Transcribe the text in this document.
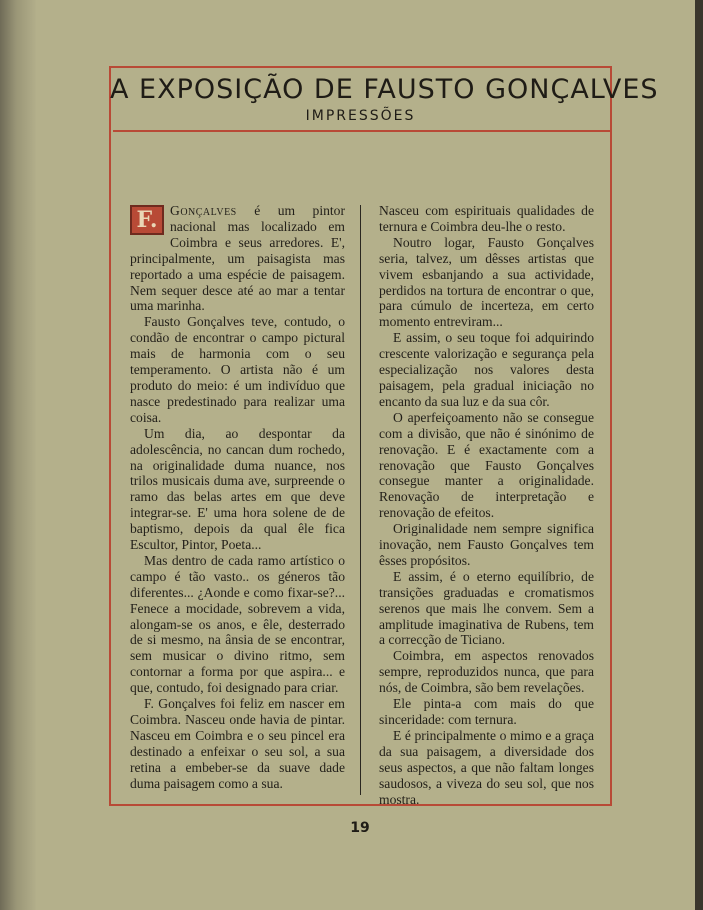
A EXPOSIÇÃO DE FAUSTO GONÇALVES
IMPRESSÕES

F. Gonçalves é um pintor nacional mas localizado em Coimbra e seus arredores. E', principalmente, um paisagista mas reportado a uma espécie de paisagem. Nem sequer desce até ao mar a tentar uma marinha.

Fausto Gonçalves teve, contudo, o condão de encontrar o campo pictural mais de harmonia com o seu temperamento. O artista não é um produto do meio: é um indivíduo que nasce predestinado para realizar uma coisa.

Um dia, ao despontar da adolescência, no cancan dum rochedo, na originalidade duma nuance, nos trilos musicais duma ave, surpreende o ramo das belas artes em que deve integrar-se. E' uma hora solene de de baptismo, depois da qual êle fica Escultor, Pintor, Poeta...

Mas dentro de cada ramo artístico o campo é tão vasto.. os géneros tão diferentes... ¿Aonde e como fixar-se?... Fenece a mocidade, sobrevem a vida, alongam-se os anos, e êle, desterrado de si mesmo, na ânsia de se encontrar, sem musicar o divino ritmo, sem contornar a forma por que aspira... e que, contudo, foi designado para criar.

F. Gonçalves foi feliz em nascer em Coimbra. Nasceu onde havia de pintar. Nasceu em Coimbra e o seu pincel era destinado a enfeixar o seu sol, a sua retina a embeber-se da suave dade duma paisagem como a sua.

Nasceu com espirituais qualidades de ternura e Coimbra deu-lhe o resto.

Noutro logar, Fausto Gonçalves seria, talvez, um dêsses artistas que vivem esbanjando a sua actividade, perdidos na tortura de encontrar o que, para cúmulo de incerteza, em certo momento entreviram...

E assim, o seu toque foi adquirindo crescente valorização e segurança pela especialização nos valores desta paisagem, pela gradual iniciação no encanto da sua luz e da sua côr.

O aperfeiçoamento não se consegue com a divisão, que não é sinónimo de renovação. E é exactamente com a renovação que Fausto Gonçalves consegue manter a originalidade. Renovação de interpretação e renovação de efeitos.

Originalidade nem sempre significa inovação, nem Fausto Gonçalves tem êsses propósitos.

E assim, é o eterno equilíbrio, de transições graduadas e cromatismos serenos que mais lhe convem. Sem a amplitude imaginativa de Rubens, tem a correcção de Ticiano.

Coimbra, em aspectos renovados sempre, reproduzidos nunca, que para nós, de Coimbra, são bem revelações.

Ele pinta-a com mais do que sinceridade: com ternura.

E é principalmente o mimo e a graça da sua paisagem, a diversidade dos seus aspectos, a que não faltam longes saudosos, a viveza do seu sol, que nos mostra.

19
